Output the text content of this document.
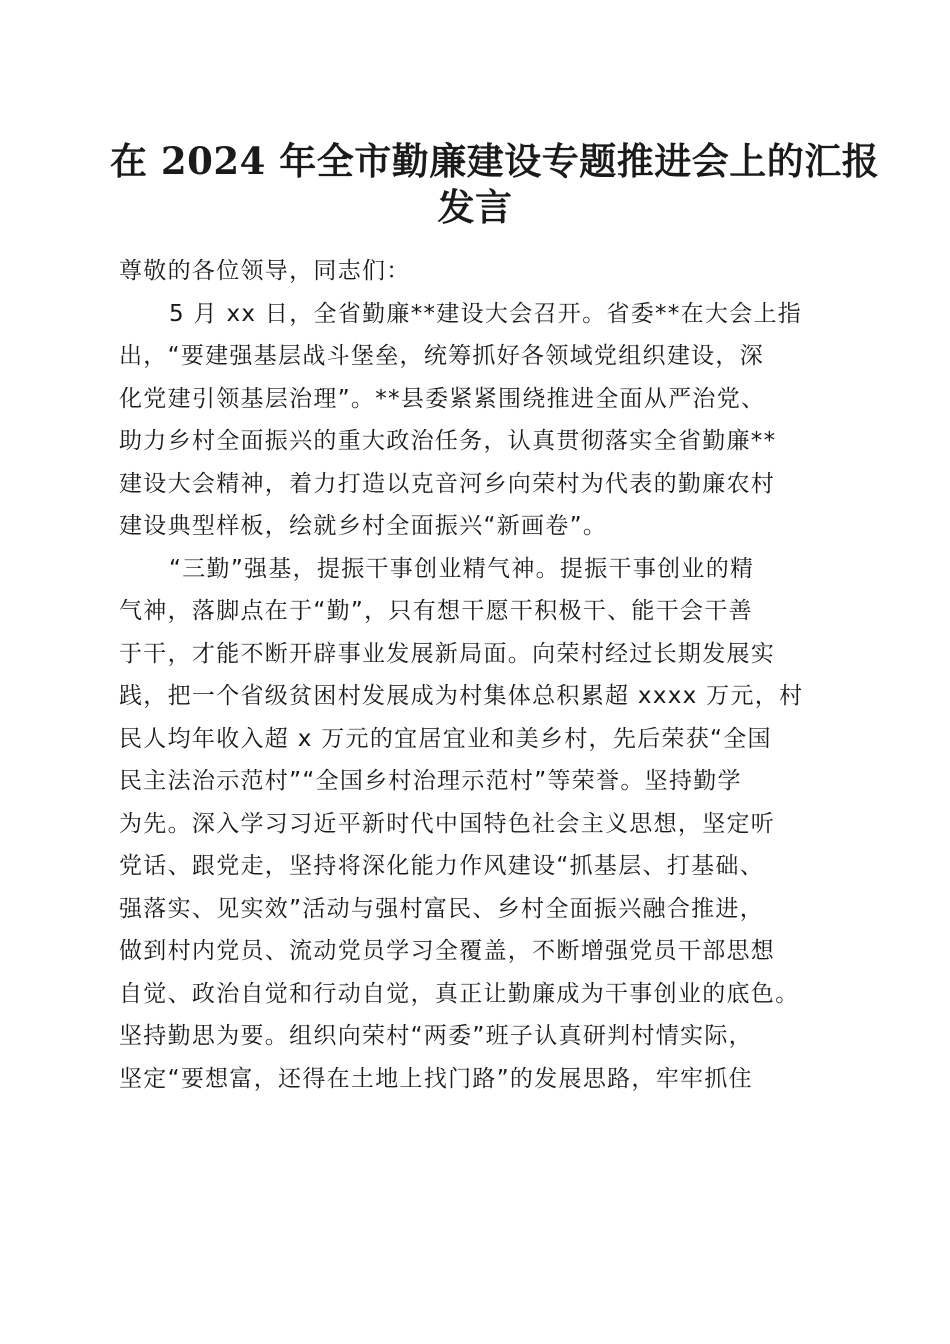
在 2024 年全市勤廉建设专题推进会上的汇报
发言
尊敬的各位领导，同志们：
5 月 xx 日，全省勤廉**建设大会召开。省委**在大会上指
出，“要建强基层战斗堡垒，统筹抓好各领域党组织建设，深
化党建引领基层治理”。**县委紧紧围绕推进全面从严治党、
助力乡村全面振兴的重大政治任务，认真贯彻落实全省勤廉**
建设大会精神，着力打造以克音河乡向荣村为代表的勤廉农村
建设典型样板，绘就乡村全面振兴“新画卷”。
“三勤”强基，提振干事创业精气神。提振干事创业的精
气神，落脚点在于“勤”，只有想干愿干积极干、能干会干善
于干，才能不断开辟事业发展新局面。向荣村经过长期发展实
践，把一个省级贫困村发展成为村集体总积累超 xxxx 万元，村
民人均年收入超 x 万元的宜居宜业和美乡村，先后荣获“全国
民主法治示范村”“全国乡村治理示范村”等荣誉。坚持勤学
为先。深入学习习近平新时代中国特色社会主义思想，坚定听
党话、跟党走，坚持将深化能力作风建设“抓基层、打基础、
强落实、见实效”活动与强村富民、乡村全面振兴融合推进，
做到村内党员、流动党员学习全覆盖，不断增强党员干部思想
自觉、政治自觉和行动自觉，真正让勤廉成为干事创业的底色。
坚持勤思为要。组织向荣村“两委”班子认真研判村情实际，
坚定“要想富，还得在土地上找门路”的发展思路，牢牢抓住
